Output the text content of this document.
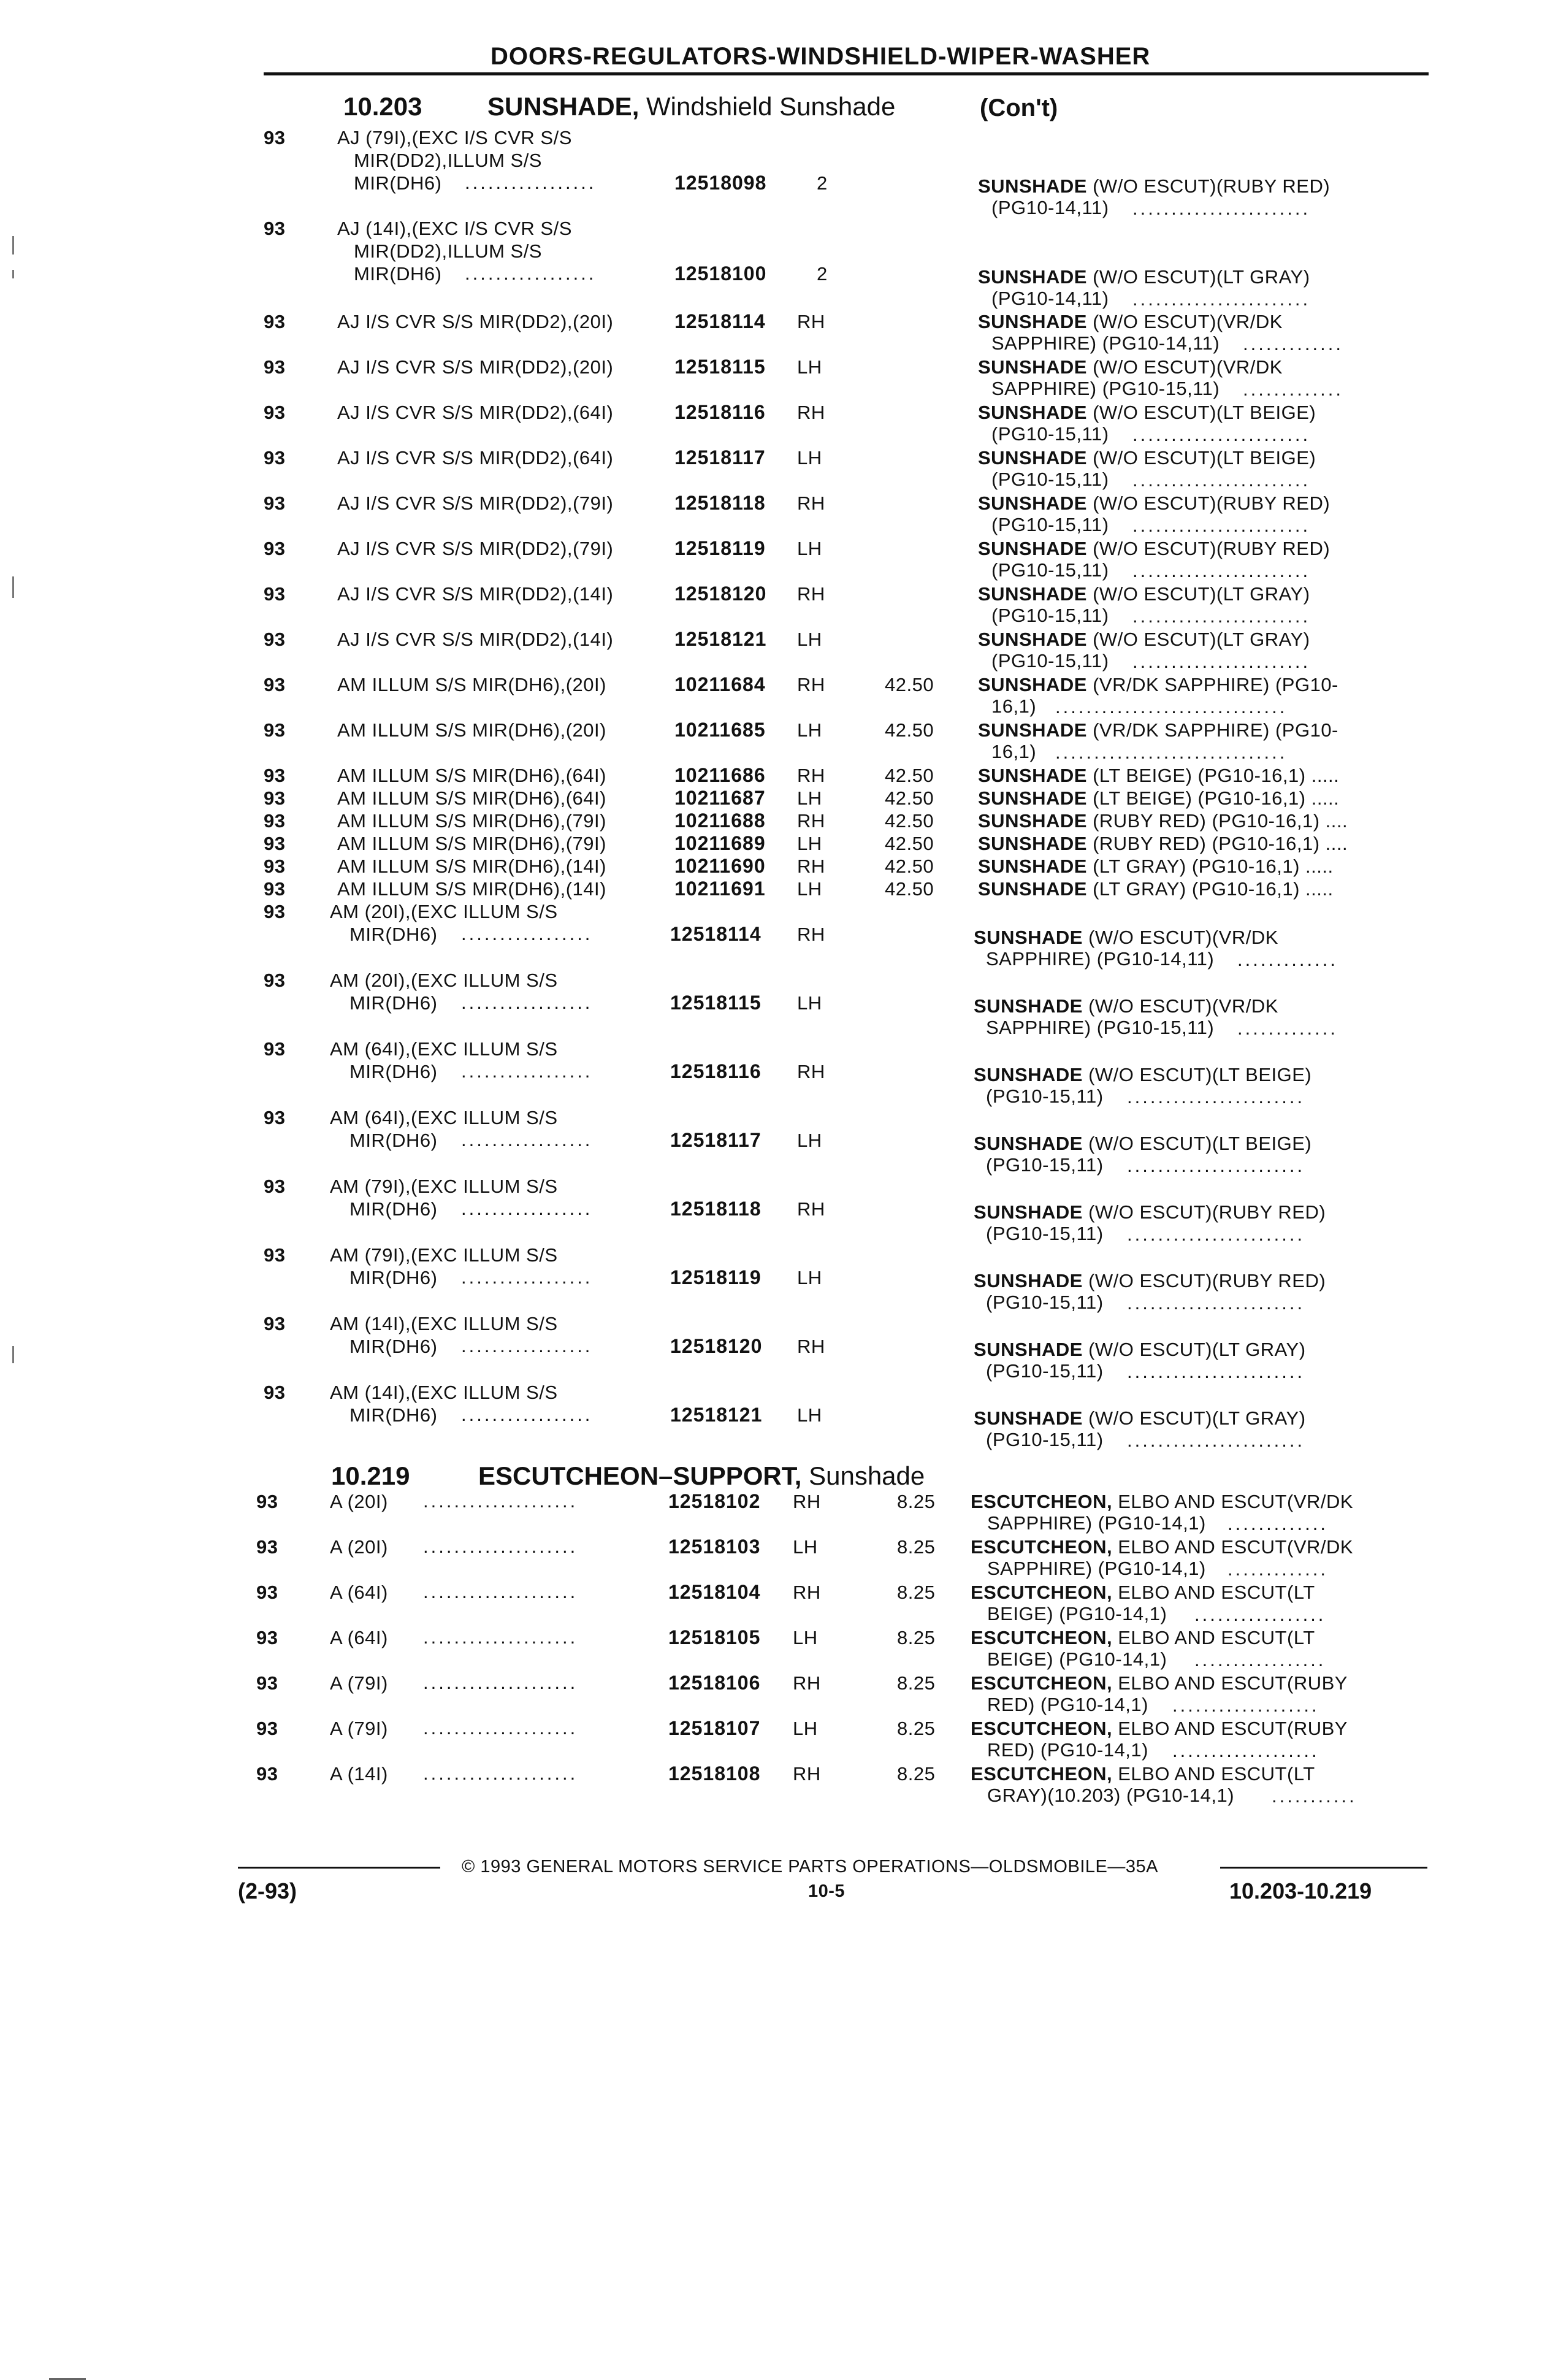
DOORS-REGULATORS-WINDSHIELD-WIPER-WASHER
10.203	SUNSHADE, Windshield Sunshade	(Con't)
93	AJ (79I),(EXC I/S CVR S/S
MIR(DD2),ILLUM S/S
MIR(DH6) .................	12518098	2	SUNSHADE (W/O ESCUT)(RUBY RED)
(PG10-14,11) .......................
93	AJ (14I),(EXC I/S CVR S/S
MIR(DD2),ILLUM S/S
MIR(DH6) .................	12518100	2	SUNSHADE (W/O ESCUT)(LT GRAY)
(PG10-14,11) .......................
93	AJ I/S CVR S/S MIR(DD2),(20I)	12518114 RH	SUNSHADE (W/O ESCUT)(VR/DK
SAPPHIRE) (PG10-14,11) .............
93	AJ I/S CVR S/S MIR(DD2),(20I)	12518115 LH	SUNSHADE (W/O ESCUT)(VR/DK
SAPPHIRE) (PG10-15,11) .............
93	AJ I/S CVR S/S MIR(DD2),(64I)	12518116 RH	SUNSHADE (W/O ESCUT)(LT BEIGE)
(PG10-15,11) .......................
93	AJ I/S CVR S/S MIR(DD2),(64I)	12518117 LH	SUNSHADE (W/O ESCUT)(LT BEIGE)
(PG10-15,11) .......................
93	AJ I/S CVR S/S MIR(DD2),(79I)	12518118 RH	SUNSHADE (W/O ESCUT)(RUBY RED)
(PG10-15,11) .......................
93	AJ I/S CVR S/S MIR(DD2),(79I)	12518119 LH	SUNSHADE (W/O ESCUT)(RUBY RED)
(PG10-15,11) .......................
93	AJ I/S CVR S/S MIR(DD2),(14I)	12518120 RH	SUNSHADE (W/O ESCUT)(LT GRAY)
(PG10-15,11) .......................
93	AJ I/S CVR S/S MIR(DD2),(14I)	12518121 LH	SUNSHADE (W/O ESCUT)(LT GRAY)
(PG10-15,11) .......................
93	AM ILLUM S/S MIR(DH6),(20I)	10211684 RH	42.50 SUNSHADE (VR/DK SAPPHIRE) (PG10-
16,1) ..............................
93	AM ILLUM S/S MIR(DH6),(20I)	10211685 LH	42.50 SUNSHADE (VR/DK SAPPHIRE) (PG10-
16,1) ..............................
93	AM ILLUM S/S MIR(DH6),(64I)	10211686 RH	42.50 SUNSHADE (LT BEIGE) (PG10-16,1) .....
93	AM ILLUM S/S MIR(DH6),(64I)	10211687 LH	42.50 SUNSHADE (LT BEIGE) (PG10-16,1) .....
93	AM ILLUM S/S MIR(DH6),(79I)	10211688 RH	42.50 SUNSHADE (RUBY RED) (PG10-16,1) ....
93	AM ILLUM S/S MIR(DH6),(79I)	10211689 LH	42.50 SUNSHADE (RUBY RED) (PG10-16,1) ....
93	AM ILLUM S/S MIR(DH6),(14I)	10211690 RH	42.50 SUNSHADE (LT GRAY) (PG10-16,1) .....
93	AM ILLUM S/S MIR(DH6),(14I)	10211691 LH	42.50 SUNSHADE (LT GRAY) (PG10-16,1) .....
93 AM (20I),(EXC ILLUM S/S
MIR(DH6) .................	12518114 RH	SUNSHADE (W/O ESCUT)(VR/DK
SAPPHIRE) (PG10-14,11) .............
93 AM (20I),(EXC ILLUM S/S
MIR(DH6) .................	12518115 LH	SUNSHADE (W/O ESCUT)(VR/DK
SAPPHIRE) (PG10-15,11) .............
93 AM (64I),(EXC ILLUM S/S
MIR(DH6) .................	12518116 RH	SUNSHADE (W/O ESCUT)(LT BEIGE)
(PG10-15,11) .......................
93 AM (64I),(EXC ILLUM S/S
MIR(DH6) .................	12518117 LH	SUNSHADE (W/O ESCUT)(LT BEIGE)
(PG10-15,11) .......................
93 AM (79I),(EXC ILLUM S/S
MIR(DH6) .................	12518118 RH	SUNSHADE (W/O ESCUT)(RUBY RED)
(PG10-15,11) .......................
93 AM (79I),(EXC ILLUM S/S
MIR(DH6) .................	12518119 LH	SUNSHADE (W/O ESCUT)(RUBY RED)
(PG10-15,11) .......................
93 AM (14I),(EXC ILLUM S/S
MIR(DH6) .................	12518120 RH	SUNSHADE (W/O ESCUT)(LT GRAY)
(PG10-15,11) .......................
93 AM (14I),(EXC ILLUM S/S
MIR(DH6) .................	12518121 LH	SUNSHADE (W/O ESCUT)(LT GRAY)
(PG10-15,11) .......................
10.219	ESCUTCHEON–SUPPORT, Sunshade
93	A (20I) ....................	12518102 RH	8.25 ESCUTCHEON, ELBO AND ESCUT(VR/DK
SAPPHIRE) (PG10-14,1) .............
93	A (20I) ....................	12518103 LH	8.25 ESCUTCHEON, ELBO AND ESCUT(VR/DK
SAPPHIRE) (PG10-14,1) .............
93	A (64I) ....................	12518104 RH	8.25 ESCUTCHEON, ELBO AND ESCUT(LT
BEIGE) (PG10-14,1) .................
93	A (64I) ....................	12518105 LH	8.25 ESCUTCHEON, ELBO AND ESCUT(LT
BEIGE) (PG10-14,1) .................
93	A (79I) ....................	12518106 RH	8.25 ESCUTCHEON, ELBO AND ESCUT(RUBY
RED) (PG10-14,1) ...................
93	A (79I) ....................	12518107 LH	8.25 ESCUTCHEON, ELBO AND ESCUT(RUBY
RED) (PG10-14,1) ...................
93	A (14I) ....................	12518108 RH	8.25 ESCUTCHEON, ELBO AND ESCUT(LT
GRAY)(10.203) (PG10-14,1) ...........
© 1993 GENERAL MOTORS SERVICE PARTS OPERATIONS—OLDSMOBILE—35A
(2-93)	10-5	10.203-10.219
